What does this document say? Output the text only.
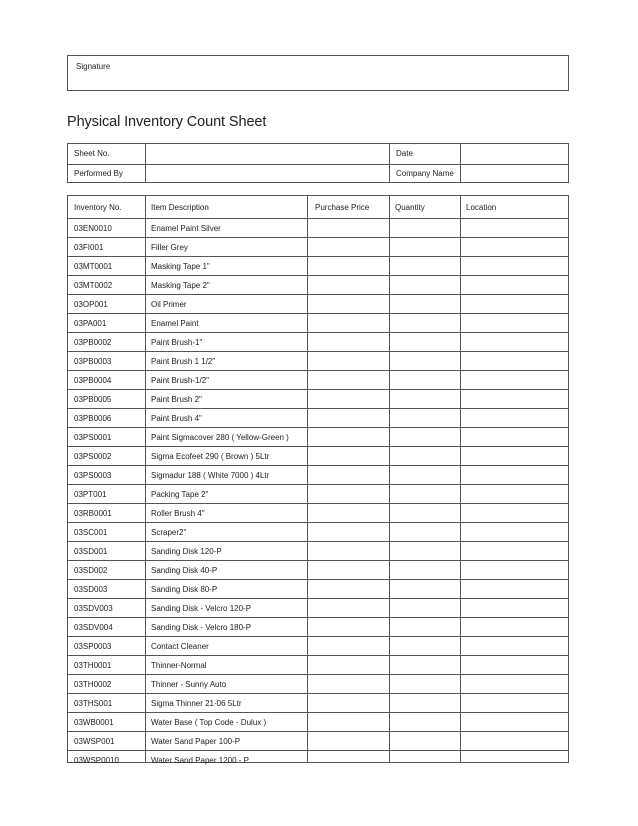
Signature
Physical Inventory Count Sheet
Sheet No.	Date
Performed By	Company Name
Inventory No.	Item Description	Purchase Price	Quantity	Location
03EN0010	Enamel Paint Silver
03FI001	Filler Grey
03MT0001	Masking Tape 1"
03MT0002	Masking Tape 2"
03OP001	Oil Primer
03PA001	Enamel Paint
03PB0002	Paint Brush-1"
03PB0003	Paint Brush 1 1/2"
03PB0004	Paint Brush-1/2"
03PB0005	Paint Brush 2"
03PB0006	Paint Brush 4"
03PS0001	Paint Sigmacover 280 ( Yellow-Green )
03PS0002	Sigma Ecofeet 290 ( Brown ) 5Ltr
03PS0003	Sigmadur 188 ( White 7000 ) 4Ltr
03PT001	Packing Tape 2"
03RB0001	Roller Brush 4"
03SC001	Scraper2"
03SD001	Sanding Disk 120-P
03SD002	Sanding Disk 40-P
03SD003	Sanding Disk 80-P
03SDV003	Sanding Disk - Velcro 120-P
03SDV004	Sanding Disk - Velcro 180-P
03SP0003	Contact Cleaner
03TH0001	Thinner-Normal
03TH0002	Thinner - Sunny Auto
03THS001	Sigma Thinner 21-06 5Ltr
03WB0001	Water Base ( Top Code - Dulux )
03WSP001	Water Sand Paper 100-P
03WSP0010	Water Sand Paper 1200 - P
